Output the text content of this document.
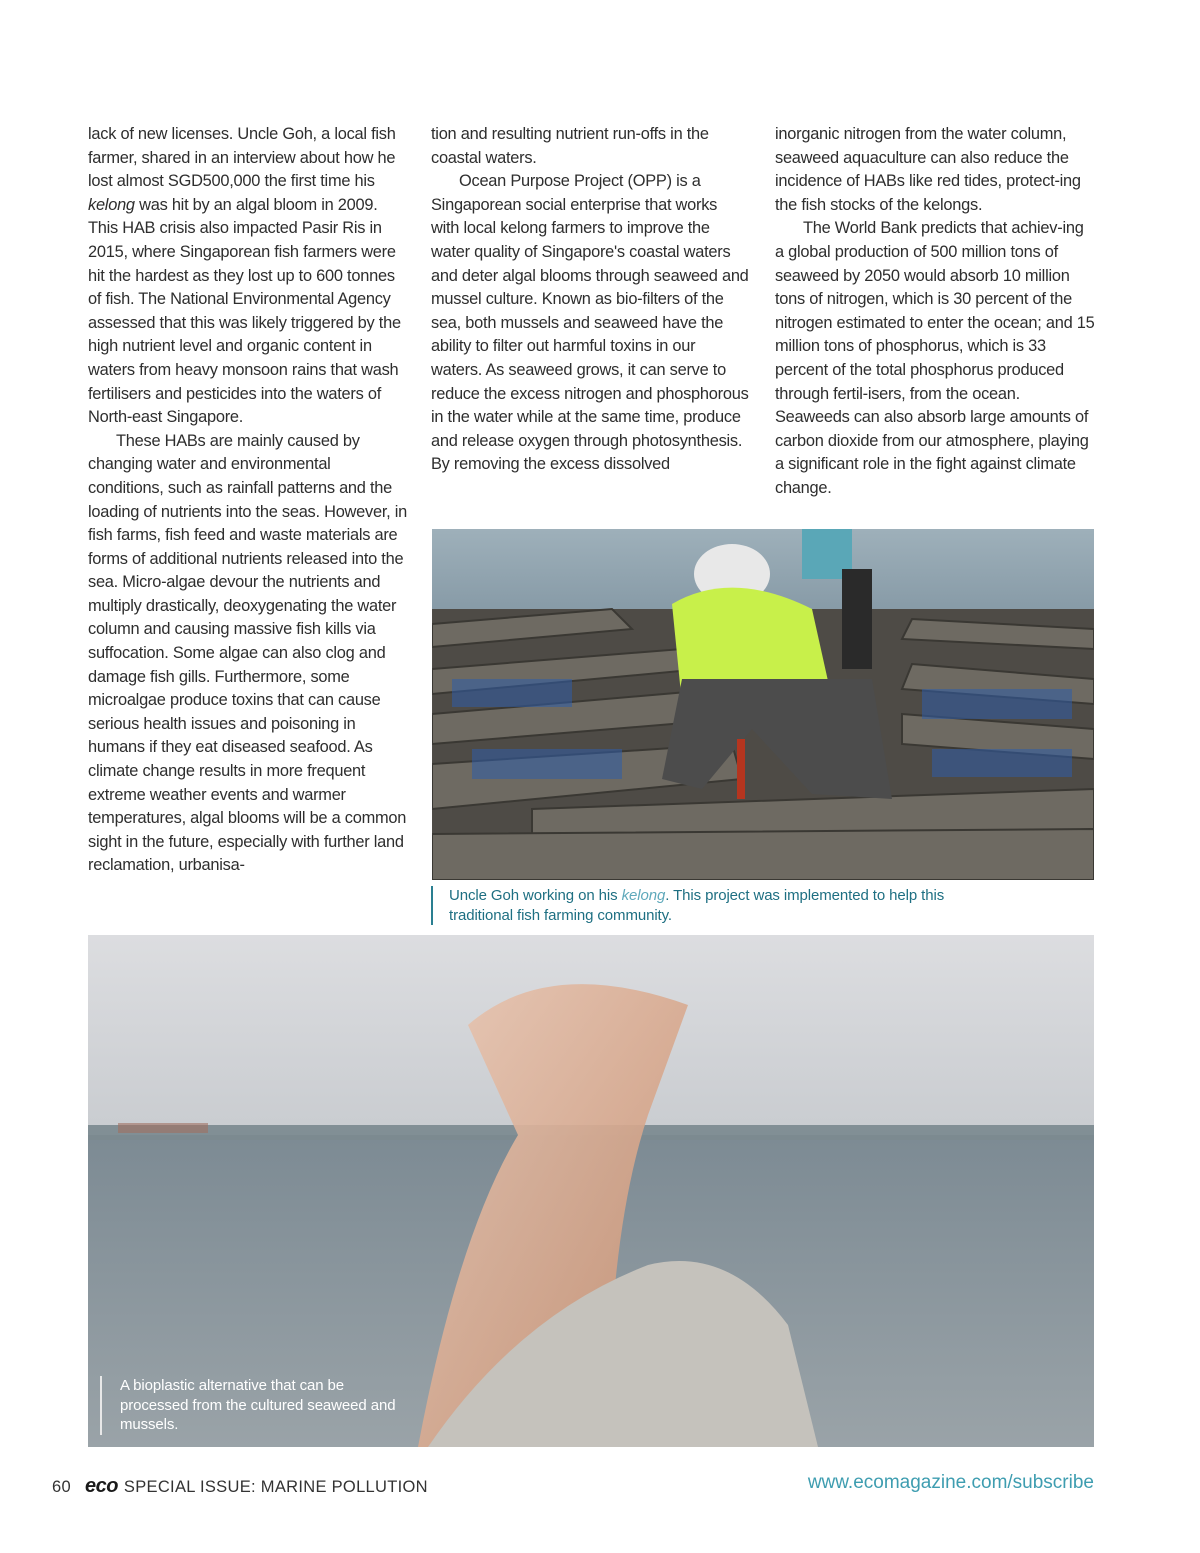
lack of new licenses. Uncle Goh, a local fish farmer, shared in an interview about how he lost almost SGD500,000 the first time his kelong was hit by an algal bloom in 2009. This HAB crisis also impacted Pasir Ris in 2015, where Singaporean fish farmers were hit the hardest as they lost up to 600 tonnes of fish. The National Environmental Agency assessed that this was likely triggered by the high nutrient level and organic content in waters from heavy monsoon rains that wash fertilisers and pesticides into the waters of North-east Singapore.

These HABs are mainly caused by changing water and environmental conditions, such as rainfall patterns and the loading of nutrients into the seas. However, in fish farms, fish feed and waste materials are forms of additional nutrients released into the sea. Micro-algae devour the nutrients and multiply drastically, deoxygenating the water column and causing massive fish kills via suffocation. Some algae can also clog and damage fish gills. Furthermore, some microalgae produce toxins that can cause serious health issues and poisoning in humans if they eat diseased seafood. As climate change results in more frequent extreme weather events and warmer temperatures, algal blooms will be a common sight in the future, especially with further land reclamation, urbanisa-

tion and resulting nutrient run-offs in the coastal waters.

Ocean Purpose Project (OPP) is a Singaporean social enterprise that works with local kelong farmers to improve the water quality of Singapore's coastal waters and deter algal blooms through seaweed and mussel culture. Known as bio-filters of the sea, both mussels and seaweed have the ability to filter out harmful toxins in our waters. As seaweed grows, it can serve to reduce the excess nitrogen and phosphorous in the water while at the same time, produce and release oxygen through photosynthesis. By removing the excess dissolved

inorganic nitrogen from the water column, seaweed aquaculture can also reduce the incidence of HABs like red tides, protect-ing the fish stocks of the kelongs.

The World Bank predicts that achiev-ing a global production of 500 million tons of seaweed by 2050 would absorb 10 million tons of nitrogen, which is 30 percent of the nitrogen estimated to enter the ocean; and 15 million tons of phosphorus, which is 33 percent of the total phosphorus produced through fertil-isers, from the ocean. Seaweeds can also absorb large amounts of carbon dioxide from our atmosphere, playing a significant role in the fight against climate change.

Uncle Goh working on his kelong. This project was implemented to help this traditional fish farming community.
A bioplastic alternative that can be processed from the cultured seaweed and mussels.
60 eco SPECIAL ISSUE: MARINE POLLUTION	www.ecomagazine.com/subscribe
